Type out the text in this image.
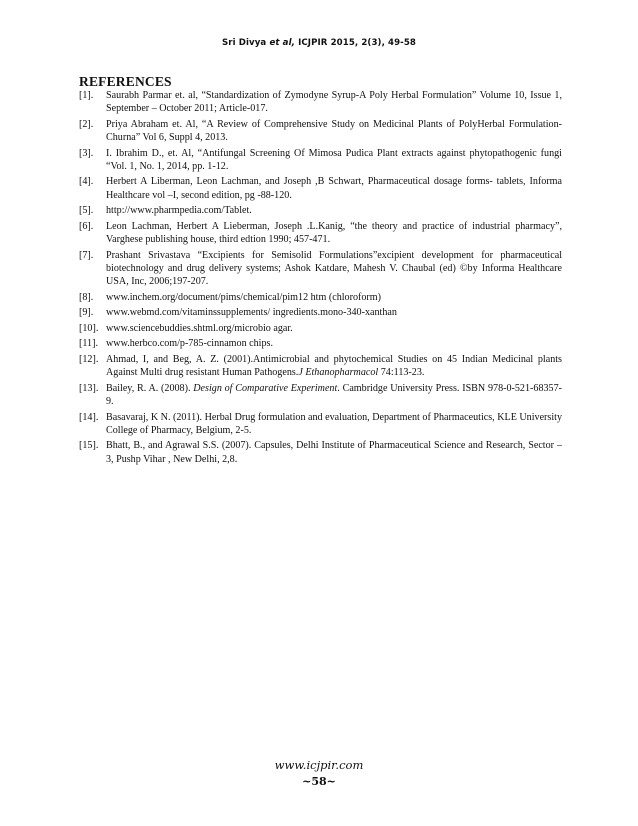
Sri Divya et al, ICJPIR 2015, 2(3), 49-58
REFERENCES
[1].	Saurabh Parmar et. al, “Standardization of Zymodyne Syrup-A Poly Herbal Formulation” Volume 10, Issue 1, September – October 2011; Article-017.
[2].	Priya Abraham et. Al, “A Review of Comprehensive Study on Medicinal Plants of PolyHerbal Formulation- Churna” Vol 6, Suppl 4, 2013.
[3].	I. Ibrahim D., et. Al, “Antifungal Screening Of Mimosa Pudica Plant extracts against phytopathogenic fungi “Vol. 1, No. 1, 2014, pp. 1-12.
[4].	Herbert A Liberman, Leon Lachman, and Joseph ,B Schwart, Pharmaceutical dosage forms- tablets, Informa Healthcare vol –I, second edition, pg -88-120.
[5].	http://www.pharmpedia.com/Tablet.
[6].	Leon Lachman, Herbert A Lieberman, Joseph .L.Kanig, “the theory and practice of industrial pharmacy”, Varghese publishing house, third edtion 1990; 457-471.
[7].	Prashant Srivastava “Excipients for Semisolid Formulations”excipient development for pharmaceutical biotechnology and drug delivery systems; Ashok Katdare, Mahesh V. Chaubal (ed) ©by Informa Healthcare USA, Inc, 2006;197-207.
[8].	www.inchem.org/document/pims/chemical/pim12 htm (chloroform)
[9].	www.webmd.com/vitaminssupplements/ ingredients.mono-340-xanthan
[10]. www.sciencebuddies.shtml.org/microbio agar.
[11]. www.herbco.com/p-785-cinnamon chips.
[12]. Ahmad, I, and Beg, A. Z. (2001).Antimicrobial and phytochemical Studies on 45 Indian Medicinal plants Against Multi drug resistant Human Pathogens.J Ethanopharmacol 74:113-23.
[13]. Bailey, R. A. (2008). Design of Comparative Experiment. Cambridge University Press. ISBN 978-0-521-68357-9.
[14]. Basavaraj, K N. (2011). Herbal Drug formulation and evaluation, Department of Pharmaceutics, KLE University College of Pharmacy, Belgium, 2-5.
[15]. Bhatt, B., and Agrawal S.S. (2007). Capsules, Delhi Institute of Pharmaceutical Science and Research, Sector – 3, Pushp Vihar , New Delhi, 2,8.
www.icjpir.com
~58~
